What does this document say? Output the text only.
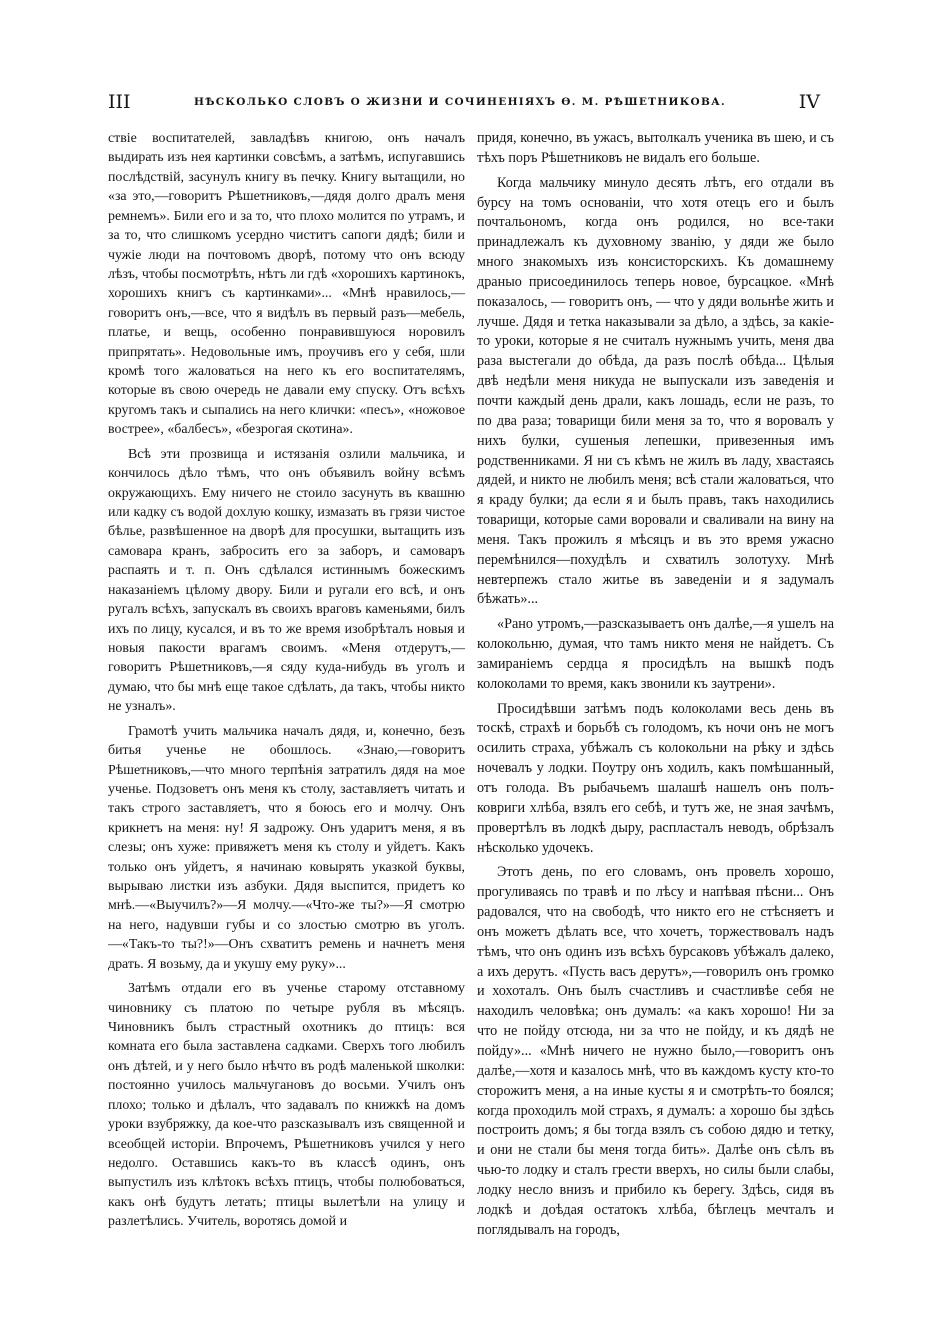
III	НѢСКОЛЬКО СЛОВЪ О ЖИЗНИ И СОЧИНЕНІЯХЪ Ѳ. М. РѢШЕТНИКОВА.	IV

ствіе воспитателей, завладѣвъ книгою, онъ началъ выдирать изъ нея картинки совсѣмъ, а затѣмъ, испугавшись послѣдствій, засунулъ книгу въ печку. Книгу вытащили, но «за это,—говоритъ Рѣшетниковъ,—дядя долго дралъ меня ремнемъ». Били его и за то, что плохо молится по утрамъ, и за то, что слишкомъ усердно чиститъ сапоги дядѣ; били и чужіе люди на почтовомъ дворѣ, потому что онъ всюду лѣзъ, чтобы посмотрѣть, нѣтъ ли гдѣ «хорошихъ картинокъ, хорошихъ книгъ съ картинками»... «Мнѣ нравилось,—говоритъ онъ,—все, что я видѣлъ въ первый разъ—мебель, платье, и вещь, особенно понравившуюся норовилъ припрятать». Недовольные имъ, проучивъ его у себя, шли кромѣ того жаловаться на него къ его воспитателямъ, которые въ свою очередь не давали ему спуску. Отъ всѣхъ кругомъ такъ и сыпались на него клички: «песъ», «ножовое вострее», «балбесъ», «безрогая скотина».

Всѣ эти прозвища и истязанія озлили мальчика, и кончилось дѣло тѣмъ, что онъ объявилъ войну всѣмъ окружающихъ. Ему ничего не стоило засунуть въ квашню или кадку съ водой дохлую кошку, измазать въ грязи чистое бѣлье, развѣшенное на дворѣ для просушки, вытащить изъ самовара кранъ, забросить его за заборъ, и самоваръ распаять и т. п. Онъ сдѣлался истиннымъ божескимъ наказаніемъ цѣлому двору. Били и ругали его всѣ, и онъ ругалъ всѣхъ, запускалъ въ своихъ враговъ каменьями, билъ ихъ по лицу, кусался, и въ то же время изобрѣталъ новыя и новыя пакости врагамъ своимъ. «Меня отдерутъ,—говоритъ Рѣшетниковъ,—я сяду куда-нибудь въ уголъ и думаю, что бы мнѣ еще такое сдѣлать, да такъ, чтобы никто не узналъ».

Грамотѣ учить мальчика началъ дядя, и, конечно, безъ битья ученье не обошлось. «Знаю,—говоритъ Рѣшетниковъ,—что много терпѣнія затратилъ дядя на мое ученье. Подзоветъ онъ меня къ столу, заставляетъ читать и такъ строго заставляетъ, что я боюсь его и молчу. Онъ крикнетъ на меня: ну! Я задрожу. Онъ ударитъ меня, я въ слезы; онъ хуже: привяжетъ меня къ столу и уйдетъ. Какъ только онъ уйдетъ, я начинаю ковырять указкой буквы, вырываю листки изъ азбуки. Дядя выспится, придетъ ко мнѣ.—«Выучилъ?»—Я молчу.—«Что-же ты?»—Я смотрю на него, надувши губы и со злостью смотрю въ уголъ.—«Такъ-то ты?!»—Онъ схватитъ ремень и начнетъ меня драть. Я возьму, да и укушу ему руку»...

Затѣмъ отдали его въ ученье старому отставному чиновнику съ платою по четыре рубля въ мѣсяцъ. Чиновникъ былъ страстный охотникъ до птицъ: вся комната его была заставлена садками. Сверхъ того любилъ онъ дѣтей, и у него было нѣчто въ родѣ маленькой школки: постоянно училось мальчугановъ до восьми. Училъ онъ плохо; только и дѣлалъ, что задавалъ по книжкѣ на домъ уроки взубряжку, да кое-что разсказывалъ изъ священной и всеобщей исторіи. Впрочемъ, Рѣшетниковъ учился у него недолго. Оставшись какъ-то въ классѣ одинъ, онъ выпустилъ изъ клѣтокъ всѣхъ птицъ, чтобы полюбоваться, какъ онѣ будутъ летать; птицы вылетѣли на улицу и разлетѣлись. Учитель, воротясь домой и

придя, конечно, въ ужасъ, вытолкалъ ученика въ шею, и съ тѣхъ поръ Рѣшетниковъ не видалъ его больше.

Когда мальчику минуло десять лѣтъ, его отдали въ бурсу на томъ основаніи, что хотя отецъ его и былъ почтальономъ, когда онъ родился, но все-таки принадлежалъ къ духовному званію, у дяди же было много знакомыхъ изъ консисторскихъ. Къ домашнему драныо присоединилось теперь новое, бурсацкое. «Мнѣ показалось, — говоритъ онъ, — что у дяди вольнѣе жить и лучше. Дядя и тетка наказывали за дѣло, а здѣсь, за какіе-то уроки, которые я не считалъ нужнымъ учить, меня два раза выстегали до обѣда, да разъ послѣ обѣда... Цѣлыя двѣ недѣли меня никуда не выпускали изъ заведенія и почти каждый день драли, какъ лошадь, если не разъ, то по два раза; товарищи били меня за то, что я воровалъ у нихъ булки, сушеныя лепешки, привезенныя имъ родственниками. Я ни съ кѣмъ не жилъ въ ладу, хвастаясь дядей, и никто не любилъ меня; всѣ стали жаловаться, что я краду булки; да если я и былъ правъ, такъ находились товарищи, которые сами воровали и сваливали на вину на меня. Такъ прожилъ я мѣсяцъ и въ это время ужасно перемѣнился—похудѣлъ и схватилъ золотуху. Мнѣ невтерпежъ стало житье въ заведеніи и я задумалъ бѣжать»...

«Рано утромъ,—разсказываетъ онъ далѣе,—я ушелъ на колокольню, думая, что тамъ никто меня не найдетъ. Съ замираніемъ сердца я просидѣлъ на вышкѣ подъ колоколами то время, какъ звонили къ заутрени».

Просидѣвши затѣмъ подъ колоколами весь день въ тоскѣ, страхѣ и борьбѣ съ голодомъ, къ ночи онъ не могъ осилить страха, убѣжалъ съ колокольни на рѣку и здѣсь ночевалъ у лодки. Поутру онъ ходилъ, какъ помѣшанный, отъ голода. Въ рыбачьемъ шалашѣ нашелъ онъ полъ-ковриги хлѣба, взялъ его себѣ, и тутъ же, не зная зачѣмъ, провертѣлъ въ лодкѣ дыру, распласталъ неводъ, обрѣзалъ нѣсколько удочекъ.

Этотъ день, по его словамъ, онъ провелъ хорошо, прогуливаясь по травѣ и по лѣсу и напѣвая пѣсни... Онъ радовался, что на свободѣ, что никто его не стѣсняетъ и онъ можетъ дѣлать все, что хочетъ, торжествовалъ надъ тѣмъ, что онъ одинъ изъ всѣхъ бурсаковъ убѣжалъ далеко, а ихъ дерутъ. «Пусть васъ дерутъ»,—говорилъ онъ громко и хохоталъ. Онъ былъ счастливъ и счастливѣе себя не находилъ человѣка; онъ думалъ: «а какъ хорошо! Ни за что не пойду отсюда, ни за что не пойду, и къ дядѣ не пойду»... «Мнѣ ничего не нужно было,—говоритъ онъ далѣе,—хотя и казалось мнѣ, что въ каждомъ кусту кто-то сторожитъ меня, а на иные кусты я и смотрѣть-то боялся; когда проходилъ мой страхъ, я думалъ: а хорошо бы здѣсь построить домъ; я бы тогда взялъ съ собою дядю и тетку, и они не стали бы меня тогда бить». Далѣе онъ сѣлъ въ чью-то лодку и сталъ грести вверхъ, но силы были слабы, лодку несло внизъ и прибило къ берегу. Здѣсь, сидя въ лодкѣ и доѣдая остатокъ хлѣба, бѣглецъ мечталъ и поглядывалъ на городъ,
